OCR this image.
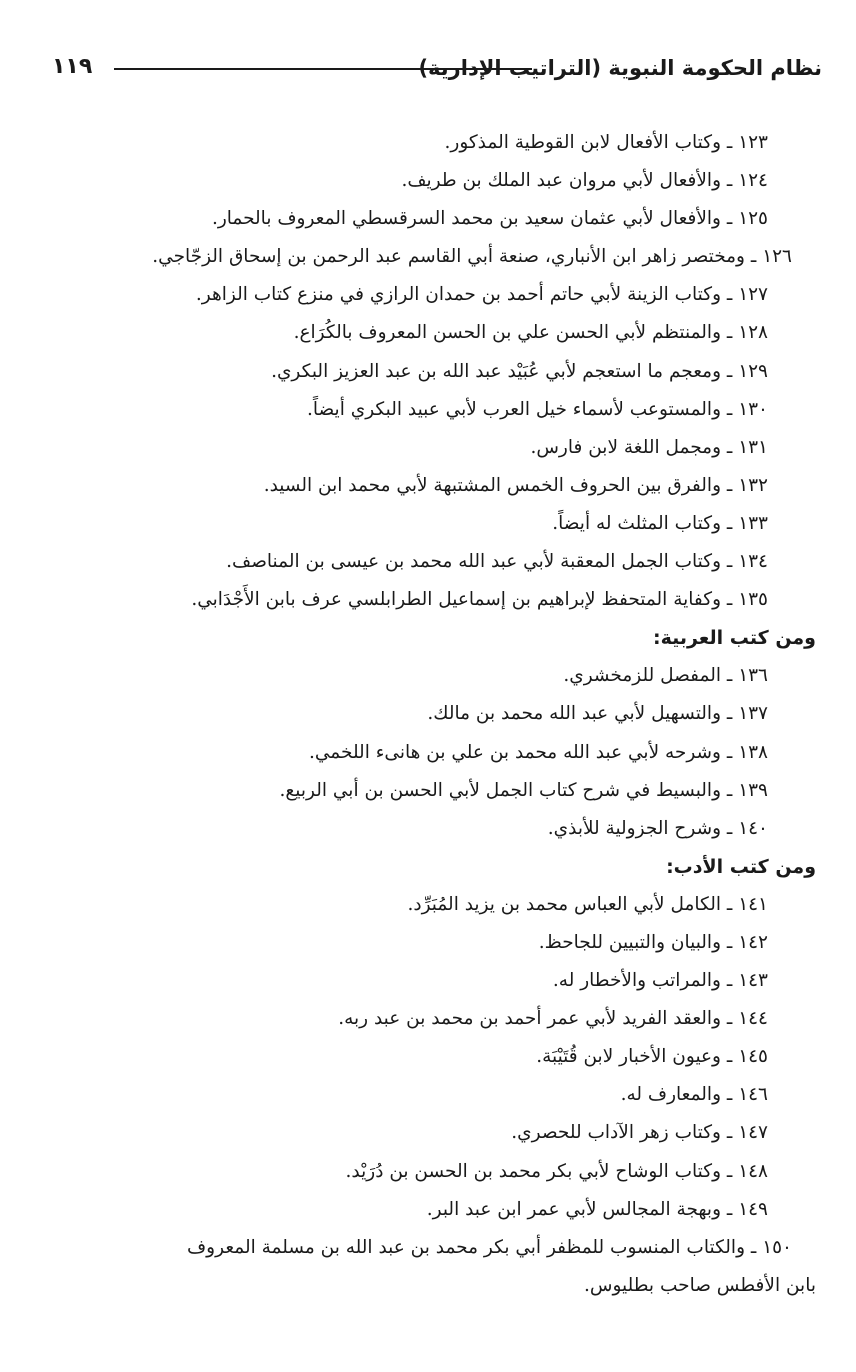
نظام الحكومة النبوية (التراتيب الإدارية)
١١٩
١٢٣ ـ وكتاب الأفعال لابن القوطية المذكور.
١٢٤ ـ والأفعال لأبي مروان عبد الملك بن طريف.
١٢٥ ـ والأفعال لأبي عثمان سعيد بن محمد السرقسطي المعروف بالحمار.
١٢٦ ـ ومختصر زاهر ابن الأنباري، صنعة أبي القاسم عبد الرحمن بن إسحاق الزجّاجي.
١٢٧ ـ وكتاب الزينة لأبي حاتم أحمد بن حمدان الرازي في منزع كتاب الزاهر.
١٢٨ ـ والمنتظم لأبي الحسن علي بن الحسن المعروف بالكُرَاع.
١٢٩ ـ ومعجم ما استعجم لأبي عُبَيْد عبد الله بن عبد العزيز البكري.
١٣٠ ـ والمستوعب لأسماء خيل العرب لأبي عبيد البكري أيضاً.
١٣١ ـ ومجمل اللغة لابن فارس.
١٣٢ ـ والفرق بين الحروف الخمس المشتبهة لأبي محمد ابن السيد.
١٣٣ ـ وكتاب المثلث له أيضاً.
١٣٤ ـ وكتاب الجمل المعقبة لأبي عبد الله محمد بن عيسى بن المناصف.
١٣٥ ـ وكفاية المتحفظ لإبراهيم بن إسماعيل الطرابلسي عرف بابن الأَجْدَابي.
ومن كتب العربية:
١٣٦ ـ المفصل للزمخشري.
١٣٧ ـ والتسهيل لأبي عبد الله محمد بن مالك.
١٣٨ ـ وشرحه لأبي عبد الله محمد بن علي بن هانىء اللخمي.
١٣٩ ـ والبسيط في شرح كتاب الجمل لأبي الحسن بن أبي الربيع.
١٤٠ ـ وشرح الجزولية للأبذي.
ومن كتب الأدب:
١٤١ ـ الكامل لأبي العباس محمد بن يزيد المُبَرِّد.
١٤٢ ـ والبيان والتبيين للجاحظ.
١٤٣ ـ والمراتب والأخطار له.
١٤٤ ـ والعقد الفريد لأبي عمر أحمد بن محمد بن عبد ربه.
١٤٥ ـ وعيون الأخبار لابن قُتَيْبَة.
١٤٦ ـ والمعارف له.
١٤٧ ـ وكتاب زهر الآداب للحصري.
١٤٨ ـ وكتاب الوشاح لأبي بكر محمد بن الحسن بن دُرَيْد.
١٤٩ ـ وبهجة المجالس لأبي عمر ابن عبد البر.
١٥٠ ـ والكتاب المنسوب للمظفر أبي بكر محمد بن عبد الله بن مسلمة المعروف
بابن الأفطس صاحب بطليوس.
